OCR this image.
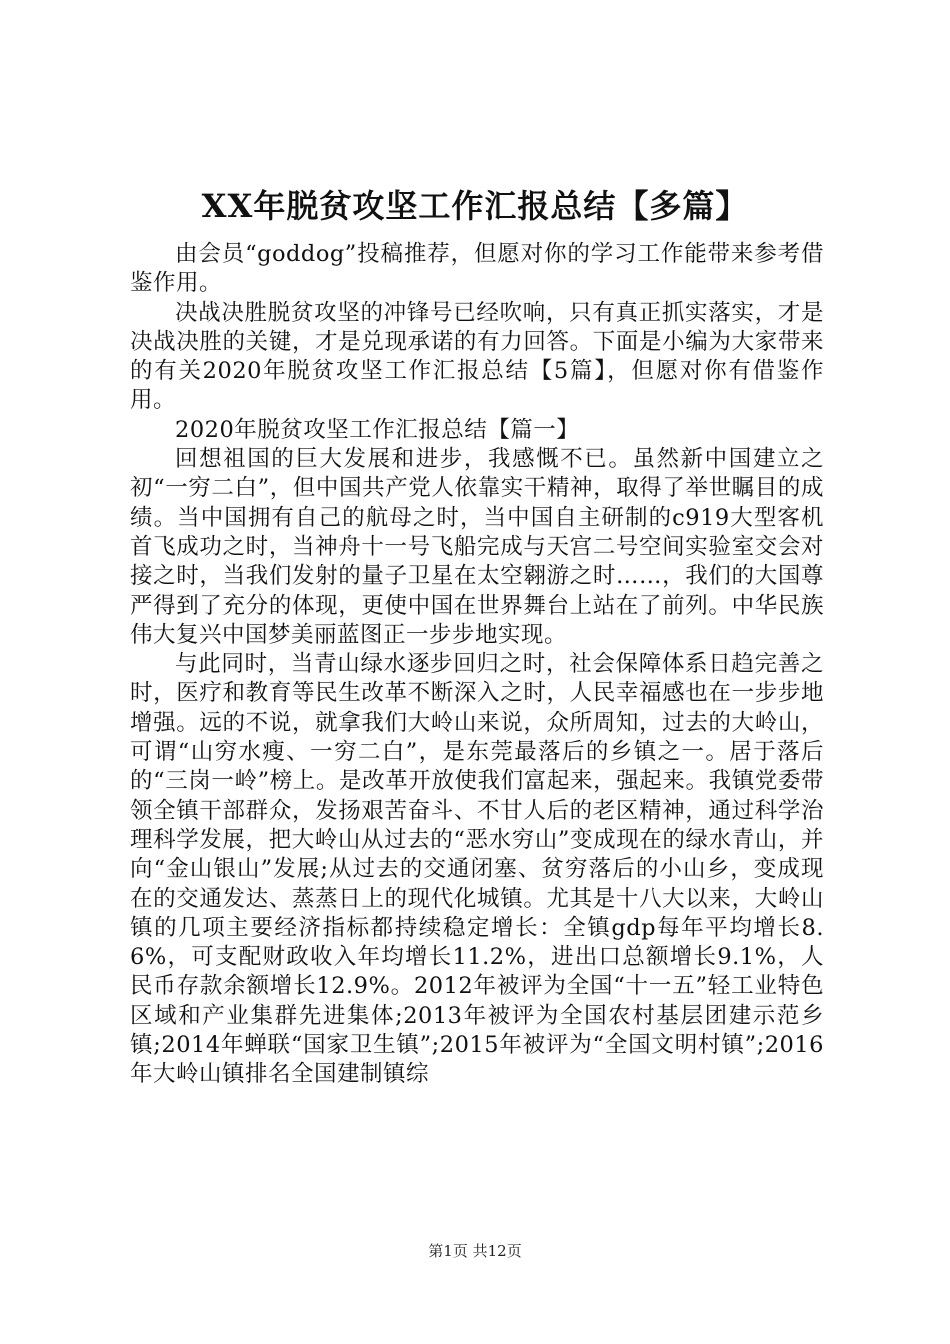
XX年脱贫攻坚工作汇报总结【多篇】

由会员“goddog”投稿推荐，但愿对你的学习工作能带来参考借鉴作用。

决战决胜脱贫攻坚的冲锋号已经吹响，只有真正抓实落实，才是决战决胜的关键，才是兑现承诺的有力回答。下面是小编为大家带来的有关2020年脱贫攻坚工作汇报总结【5篇】，但愿对你有借鉴作用。

2020年脱贫攻坚工作汇报总结【篇一】

回想祖国的巨大发展和进步，我感慨不已。虽然新中国建立之初“一穷二白”，但中国共产党人依靠实干精神，取得了举世瞩目的成绩。当中国拥有自己的航母之时，当中国自主研制的c919大型客机首飞成功之时，当神舟十一号飞船完成与天宫二号空间实验室交会对接之时，当我们发射的量子卫星在太空翱游之时……，我们的大国尊严得到了充分的体现，更使中国在世界舞台上站在了前列。中华民族伟大复兴中国梦美丽蓝图正一步步地实现。

与此同时，当青山绿水逐步回归之时，社会保障体系日趋完善之时，医疗和教育等民生改革不断深入之时，人民幸福感也在一步步地增强。远的不说，就拿我们大岭山来说，众所周知，过去的大岭山，可谓“山穷水瘦、一穷二白”，是东莞最落后的乡镇之一。居于落后的“三岗一岭”榜上。是改革开放使我们富起来，强起来。我镇党委带领全镇干部群众，发扬艰苦奋斗、不甘人后的老区精神，通过科学治理科学发展，把大岭山从过去的“恶水穷山”变成现在的绿水青山，并向“金山银山”发展;从过去的交通闭塞、贫穷落后的小山乡，变成现在的交通发达、蒸蒸日上的现代化城镇。尤其是十八大以来，大岭山镇的几项主要经济指标都持续稳定增长：全镇gdp每年平均增长8.6%，可支配财政收入年均增长11.2%，进出口总额增长9.1%，人民币存款余额增长12.9%。2012年被评为全国“十一五”轻工业特色区域和产业集群先进集体;2013年被评为全国农村基层团建示范乡镇;2014年蝉联“国家卫生镇”;2015年被评为“全国文明村镇”;2016年大岭山镇排名全国建制镇综

第1页 共12页
